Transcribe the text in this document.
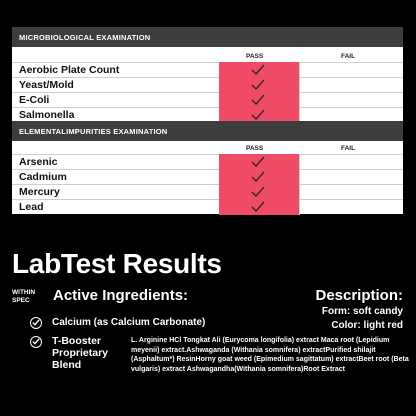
MICROBIOLOGICAL EXAMINATION
PASS	FAIL
Aerobic Plate Count
Yeast/Mold
E-Coli
Salmonella
ELEMENTALIMPURITIES EXAMINATION
PASS	FAIL
Arsenic
Cadmium
Mercury
Lead
LabTest Results
WITHIN
SPEC	Active Ingredients:	Description:
Form: soft candy
Color: light red
Calcium (as Calcium Carbonate)
T-Booster
Proprietary
Blend
L. Arginine HCl Tongkat Ali (Eurycoma longifolia) extract Maca root (Lepidium meyenii) extract.Ashwaganda (Withania somnifera) extractPurified shilajit (Asphaltum*) ResinHorny goat weed (Epimedium sagittatum) extractBeet root (Beta vulgaris) extract Ashwagandha(Withania somnifera)Root Extract
